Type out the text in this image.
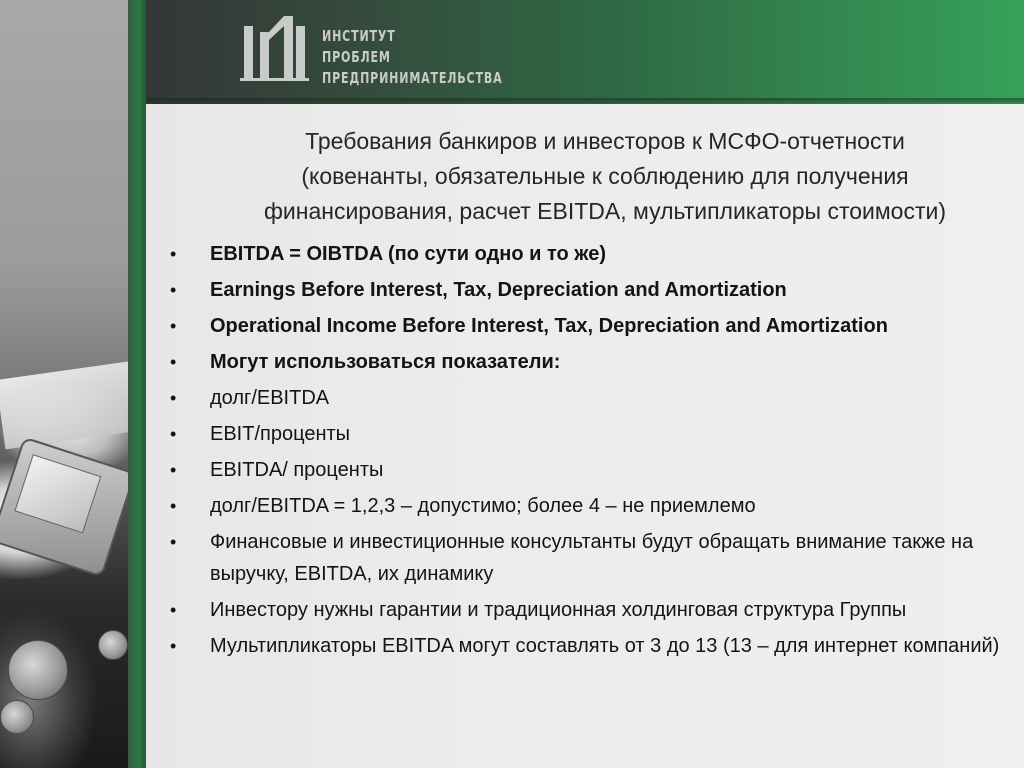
ИНСТИТУТ
ПРОБЛЕМ
ПРЕДПРИНИМАТЕЛЬСТВА
Требования банкиров и инвесторов к МСФО-отчетности
(ковенанты, обязательные к соблюдению для получения
финансирования, расчет EBITDA, мультипликаторы стоимости)
•	EBITDA = OIBTDA (по сути одно и то же)
•	Earnings Before Interest, Tax, Depreciation and Amortization
•	Operational Income Before Interest, Tax, Depreciation and Amortization
•	Могут использоваться показатели:
•	долг/EBITDA
•	EBIT/проценты
•	EBITDA/ проценты
•	долг/EBITDA = 1,2,3 – допустимо; более 4 – не приемлемо
•	Финансовые и инвестиционные консультанты будут обращать внимание также на выручку, EBITDA, их динамику
•	Инвестору нужны гарантии и традиционная холдинговая структура Группы
•	Мультипликаторы EBITDA могут составлять от 3 до 13 (13 – для интернет компаний)
